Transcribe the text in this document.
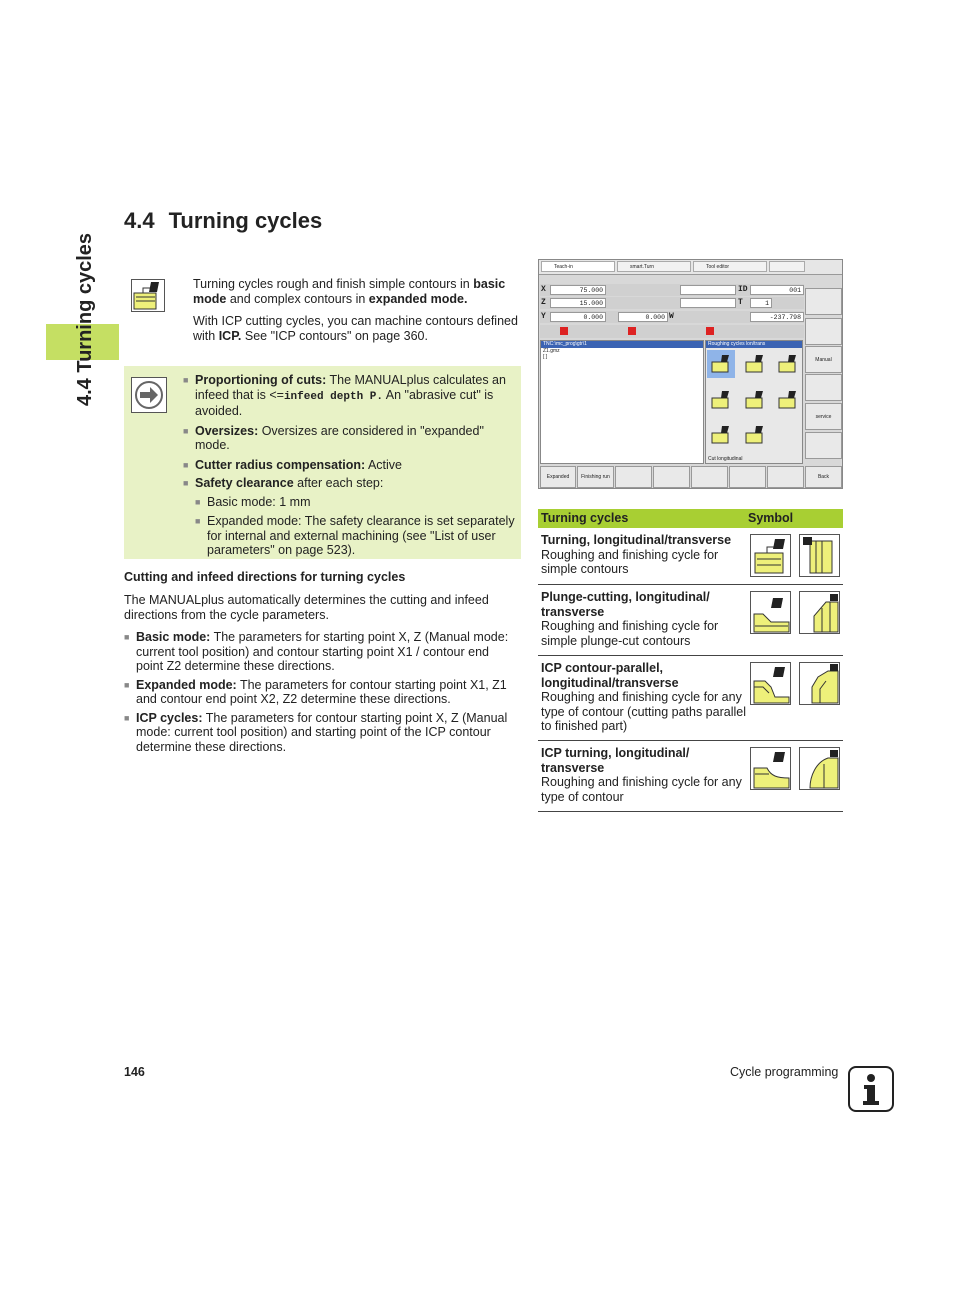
4.4 Turning cycles
4.4 Turning cycles
Turning cycles rough and finish simple contours in basic mode and complex contours in expanded mode.
With ICP cutting cycles, you can machine contours defined with ICP. See "ICP contours" on page 360.
■ Proportioning of cuts: The MANUALplus calculates an infeed that is <=infeed depth P. An "abrasive cut" is avoided.
■ Oversizes: Oversizes are considered in "expanded" mode.
■ Cutter radius compensation: Active
■ Safety clearance after each step:
■ Basic mode: 1 mm
■ Expanded mode: The safety clearance is set separately for internal and external machining (see "List of user parameters" on page 523).
Cutting and infeed directions for turning cycles
The MANUALplus automatically determines the cutting and infeed directions from the cycle parameters.
■ Basic mode: The parameters for starting point X, Z (Manual mode: current tool position) and contour starting point X1 / contour end point Z2 determine these directions.
■ Expanded mode: The parameters for contour starting point X1, Z1 and contour end point X2, Z2 determine these directions.
■ ICP cycles: The parameters for contour starting point X, Z (Manual mode: current tool position) and starting point of the ICP contour determine these directions.
Teach-in	smart.Turn	Tool editor
X	75.000	ID	001
Z	15.000	T	1
Y	0.000	0.000 W	-237.798
Manual
service
TNC:\mc_prog\gtr\1
Z1.gmz
[ ]
Roughing cycles lon/trans
Cut longitudinal
Expanded	Finishing run	Back
Turning cycles	Symbol
Turning, longitudinal/transverse
Roughing and finishing cycle for simple contours
Plunge-cutting, longitudinal/ transverse
Roughing and finishing cycle for simple plunge-cut contours
ICP contour-parallel, longitudinal/transverse
Roughing and finishing cycle for any type of contour (cutting paths parallel to finished part)
ICP turning, longitudinal/ transverse
Roughing and finishing cycle for any type of contour
146	Cycle programming
